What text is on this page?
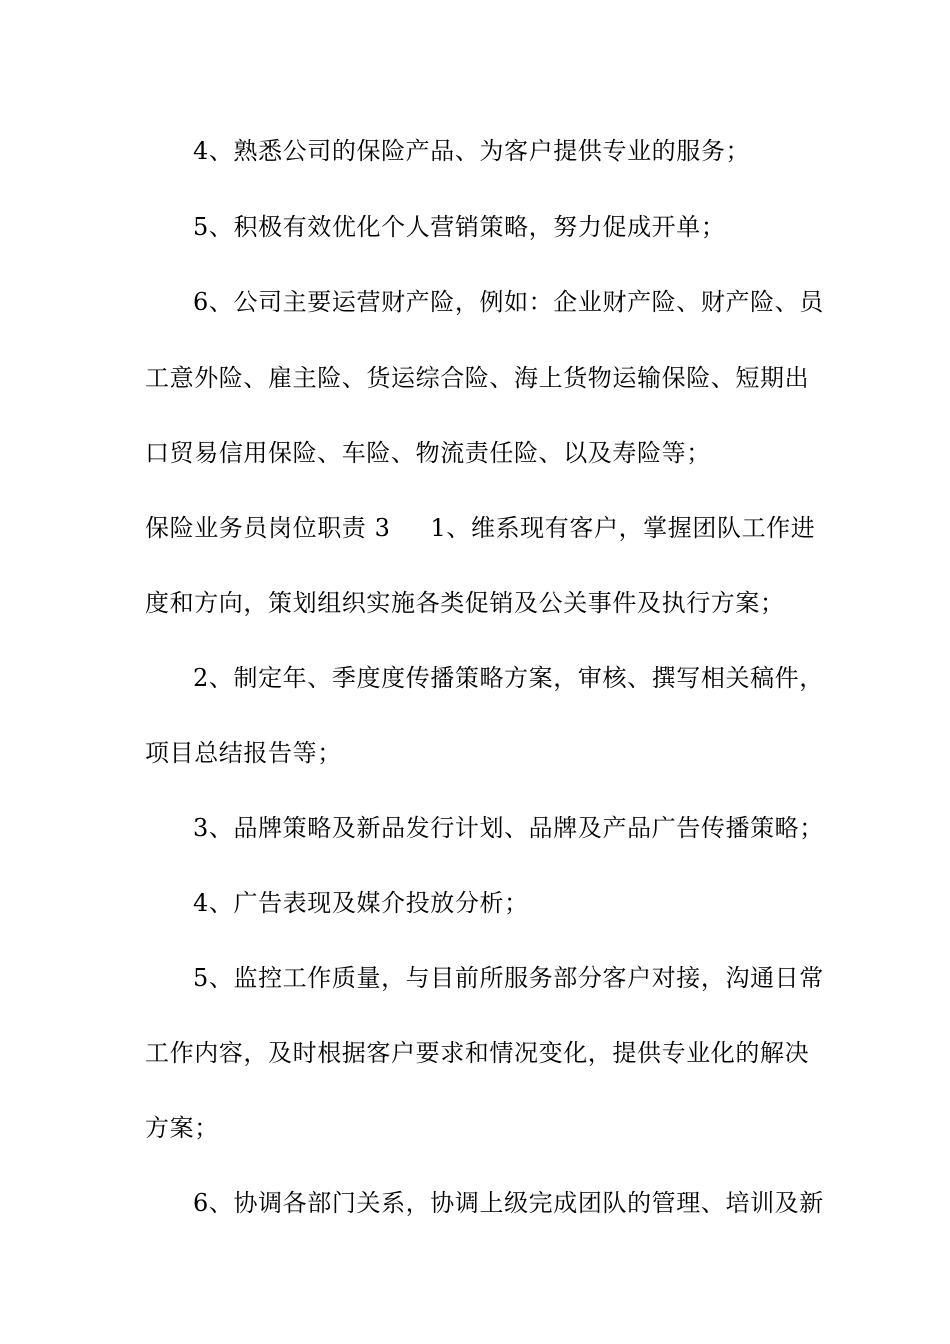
4、熟悉公司的保险产品、为客户提供专业的服务；
5、积极有效优化个人营销策略，努力促成开单；
6、公司主要运营财产险，例如：企业财产险、财产险、员
工意外险、雇主险、货运综合险、海上货物运输保险、短期出
口贸易信用保险、车险、物流责任险、以及寿险等；
保险业务员岗位职责 3 1、维系现有客户，掌握团队工作进
度和方向，策划组织实施各类促销及公关事件及执行方案；
2、制定年、季度度传播策略方案，审核、撰写相关稿件，
项目总结报告等；
3、品牌策略及新品发行计划、品牌及产品广告传播策略；
4、广告表现及媒介投放分析；
5、监控工作质量，与目前所服务部分客户对接，沟通日常
工作内容，及时根据客户要求和情况变化，提供专业化的解决
方案；
6、协调各部门关系，协调上级完成团队的管理、培训及新
